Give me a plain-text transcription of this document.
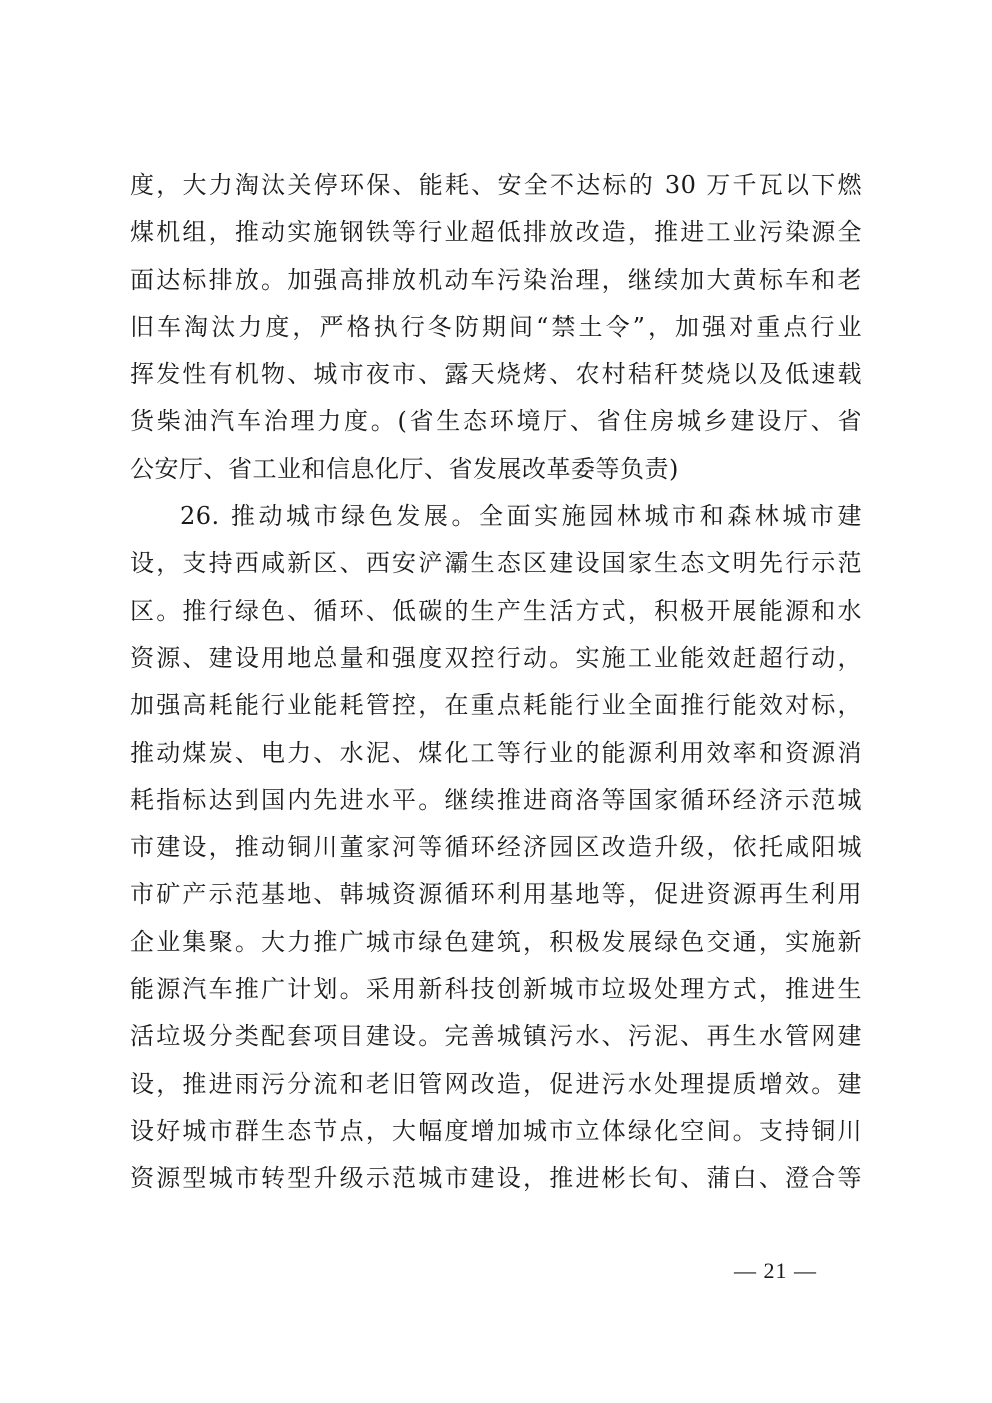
度，大力淘汰关停环保、能耗、安全不达标的 30 万千瓦以下燃
煤机组，推动实施钢铁等行业超低排放改造，推进工业污染源全
面达标排放。加强高排放机动车污染治理，继续加大黄标车和老
旧车淘汰力度，严格执行冬防期间“禁土令”，加强对重点行业
挥发性有机物、城市夜市、露天烧烤、农村秸秆焚烧以及低速载
货柴油汽车治理力度。(省生态环境厅、省住房城乡建设厅、省
公安厅、省工业和信息化厅、省发展改革委等负责)

26. 推动城市绿色发展。全面实施园林城市和森林城市建
设，支持西咸新区、西安浐灞生态区建设国家生态文明先行示范
区。推行绿色、循环、低碳的生产生活方式，积极开展能源和水
资源、建设用地总量和强度双控行动。实施工业能效赶超行动，
加强高耗能行业能耗管控，在重点耗能行业全面推行能效对标，
推动煤炭、电力、水泥、煤化工等行业的能源利用效率和资源消
耗指标达到国内先进水平。继续推进商洛等国家循环经济示范城
市建设，推动铜川董家河等循环经济园区改造升级，依托咸阳城
市矿产示范基地、韩城资源循环利用基地等，促进资源再生利用
企业集聚。大力推广城市绿色建筑，积极发展绿色交通，实施新
能源汽车推广计划。采用新科技创新城市垃圾处理方式，推进生
活垃圾分类配套项目建设。完善城镇污水、污泥、再生水管网建
设，推进雨污分流和老旧管网改造，促进污水处理提质增效。建
设好城市群生态节点，大幅度增加城市立体绿化空间。支持铜川
资源型城市转型升级示范城市建设，推进彬长旬、蒲白、澄合等

— 21 —
